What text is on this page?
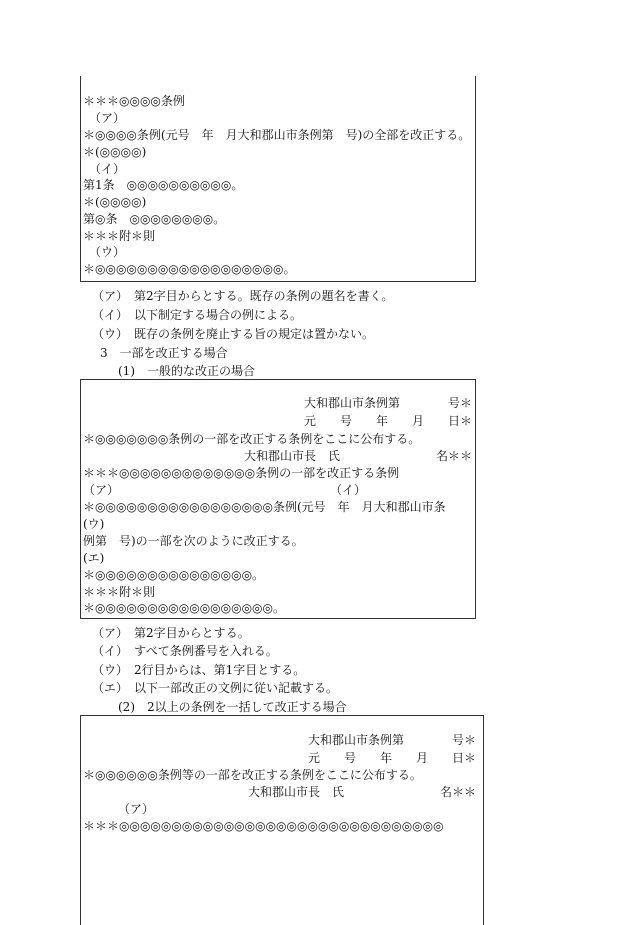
＊＊＊◎◎◎◎条例
　（ア）
＊◎◎◎◎条例(元号　年　月大和郡山市条例第　号)の全部を改正する。
＊(◎◎◎◎)
　（イ）
第1条　◎◎◎◎◎◎◎◎◎◎。
＊(◎◎◎◎)
第◎条　◎◎◎◎◎◎◎◎。
＊＊＊附＊則
　（ウ）
＊◎◎◎◎◎◎◎◎◎◎◎◎◎◎◎◎◎◎。
（ア）　第2字目からとする。既存の条例の題名を書く。
（イ）　以下制定する場合の例による。
（ウ）　既存の条例を廃止する旨の規定は置かない。
3　一部を改正する場合
(1)　一般的な改正の場合
大和郡山市条例第　　　　号＊
元　　号　　年　　月　　日＊
＊◎◎◎◎◎◎◎条例の一部を改正する条例をここに公布する。
大和郡山市長　氏　　　　　　　　名＊＊
＊＊＊◎◎◎◎◎◎◎◎◎◎◎◎◎条例の一部を改正する条例
（ア）	（イ）
＊◎◎◎◎◎◎◎◎◎◎◎◎◎◎◎◎◎条例(元号　年　月大和郡山市条
(ウ)
例第　号)の一部を次のように改正する。
(エ)
＊◎◎◎◎◎◎◎◎◎◎◎◎◎◎◎。
＊＊＊附＊則
＊◎◎◎◎◎◎◎◎◎◎◎◎◎◎◎◎◎。
（ア）　第2字目からとする。
（イ）　すべて条例番号を入れる。
（ウ）　2行目からは、第1字目とする。
（エ）　以下一部改正の文例に従い記載する。
(2)　2以上の条例を一括して改正する場合
大和郡山市条例第　　　　号＊
元　　号　　年　　月　　日＊
＊◎◎◎◎◎◎条例等の一部を改正する条例をここに公布する。
大和郡山市長　氏　　　　　　　　名＊＊
（ア）
＊＊＊◎◎◎◎◎◎◎◎◎◎◎◎◎◎◎◎◎◎◎◎◎◎◎◎◎◎◎◎◎◎◎
